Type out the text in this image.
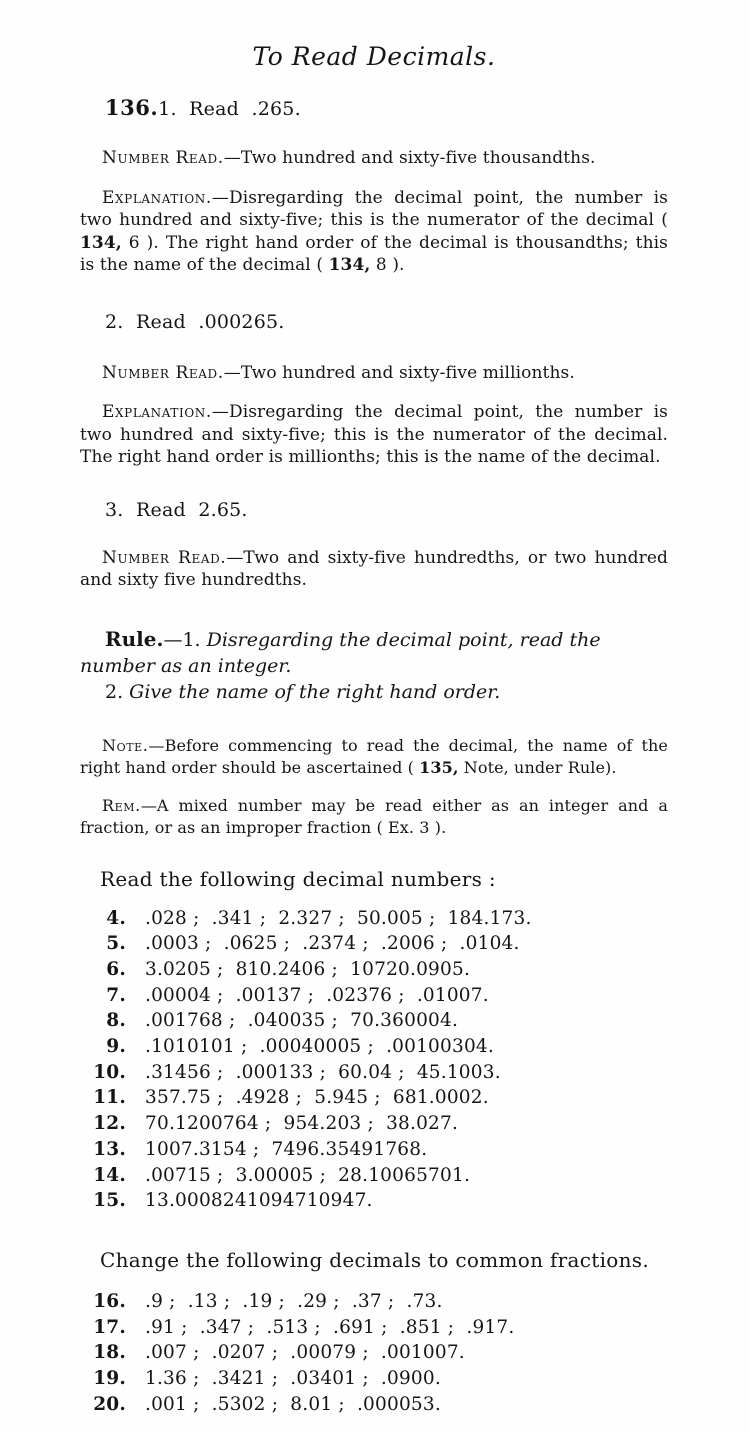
To Read Decimals.

136.1.  Read  .265.

Number Read.—Two hundred and sixty-five thousandths.

Explanation.—Disregarding the decimal point, the number is two hundred and sixty-five; this is the numerator of the decimal ( 134, 6 ). The right hand order of the decimal is thousandths; this is the name of the decimal ( 134, 8 ).

2.  Read  .000265.

Number Read.—Two hundred and sixty-five millionths.

Explanation.—Disregarding the decimal point, the number is two hundred and sixty-five; this is the numerator of the decimal. The right hand order is millionths; this is the name of the decimal.

3.  Read  2.65.

Number Read.—Two and sixty-five hundredths, or two hundred and sixty five hundredths.

Rule.—1. Disregarding the decimal point, read the number as an integer.

2. Give the name of the right hand order.

Note.—Before commencing to read the decimal, the name of the right hand order should be ascertained ( 135, Note, under Rule).

Rem.—A mixed number may be read either as an integer and a fraction, or as an improper fraction ( Ex. 3 ).

Read the following decimal numbers :

4. .028 ;  .341 ;  2.327 ;  50.005 ;  184.173.
5. .0003 ;  .0625 ;  .2374 ;  .2006 ;  .0104.
6. 3.0205 ;  810.2406 ;  10720.0905.
7. .00004 ;  .00137 ;  .02376 ;  .01007.
8. .001768 ;  .040035 ;  70.360004.
9. .1010101 ;  .00040005 ;  .00100304.
10. .31456 ;  .000133 ;  60.04 ;  45.1003.
11. 357.75 ;  .4928 ;  5.945 ;  681.0002.
12. 70.1200764 ;  954.203 ;  38.027.
13. 1007.3154 ;  7496.35491768.
14. .00715 ;  3.00005 ;  28.10065701.
15. 13.0008241094710947.

Change the following decimals to common fractions.

16. .9 ;  .13 ;  .19 ;  .29 ;  .37 ;  .73.
17. .91 ;  .347 ;  .513 ;  .691 ;  .851 ;  .917.
18. .007 ;  .0207 ;  .00079 ;  .001007.
19. 1.36 ;  .3421 ;  .03401 ;  .0900.
20. .001 ;  .5302 ;  8.01 ;  .000053.
